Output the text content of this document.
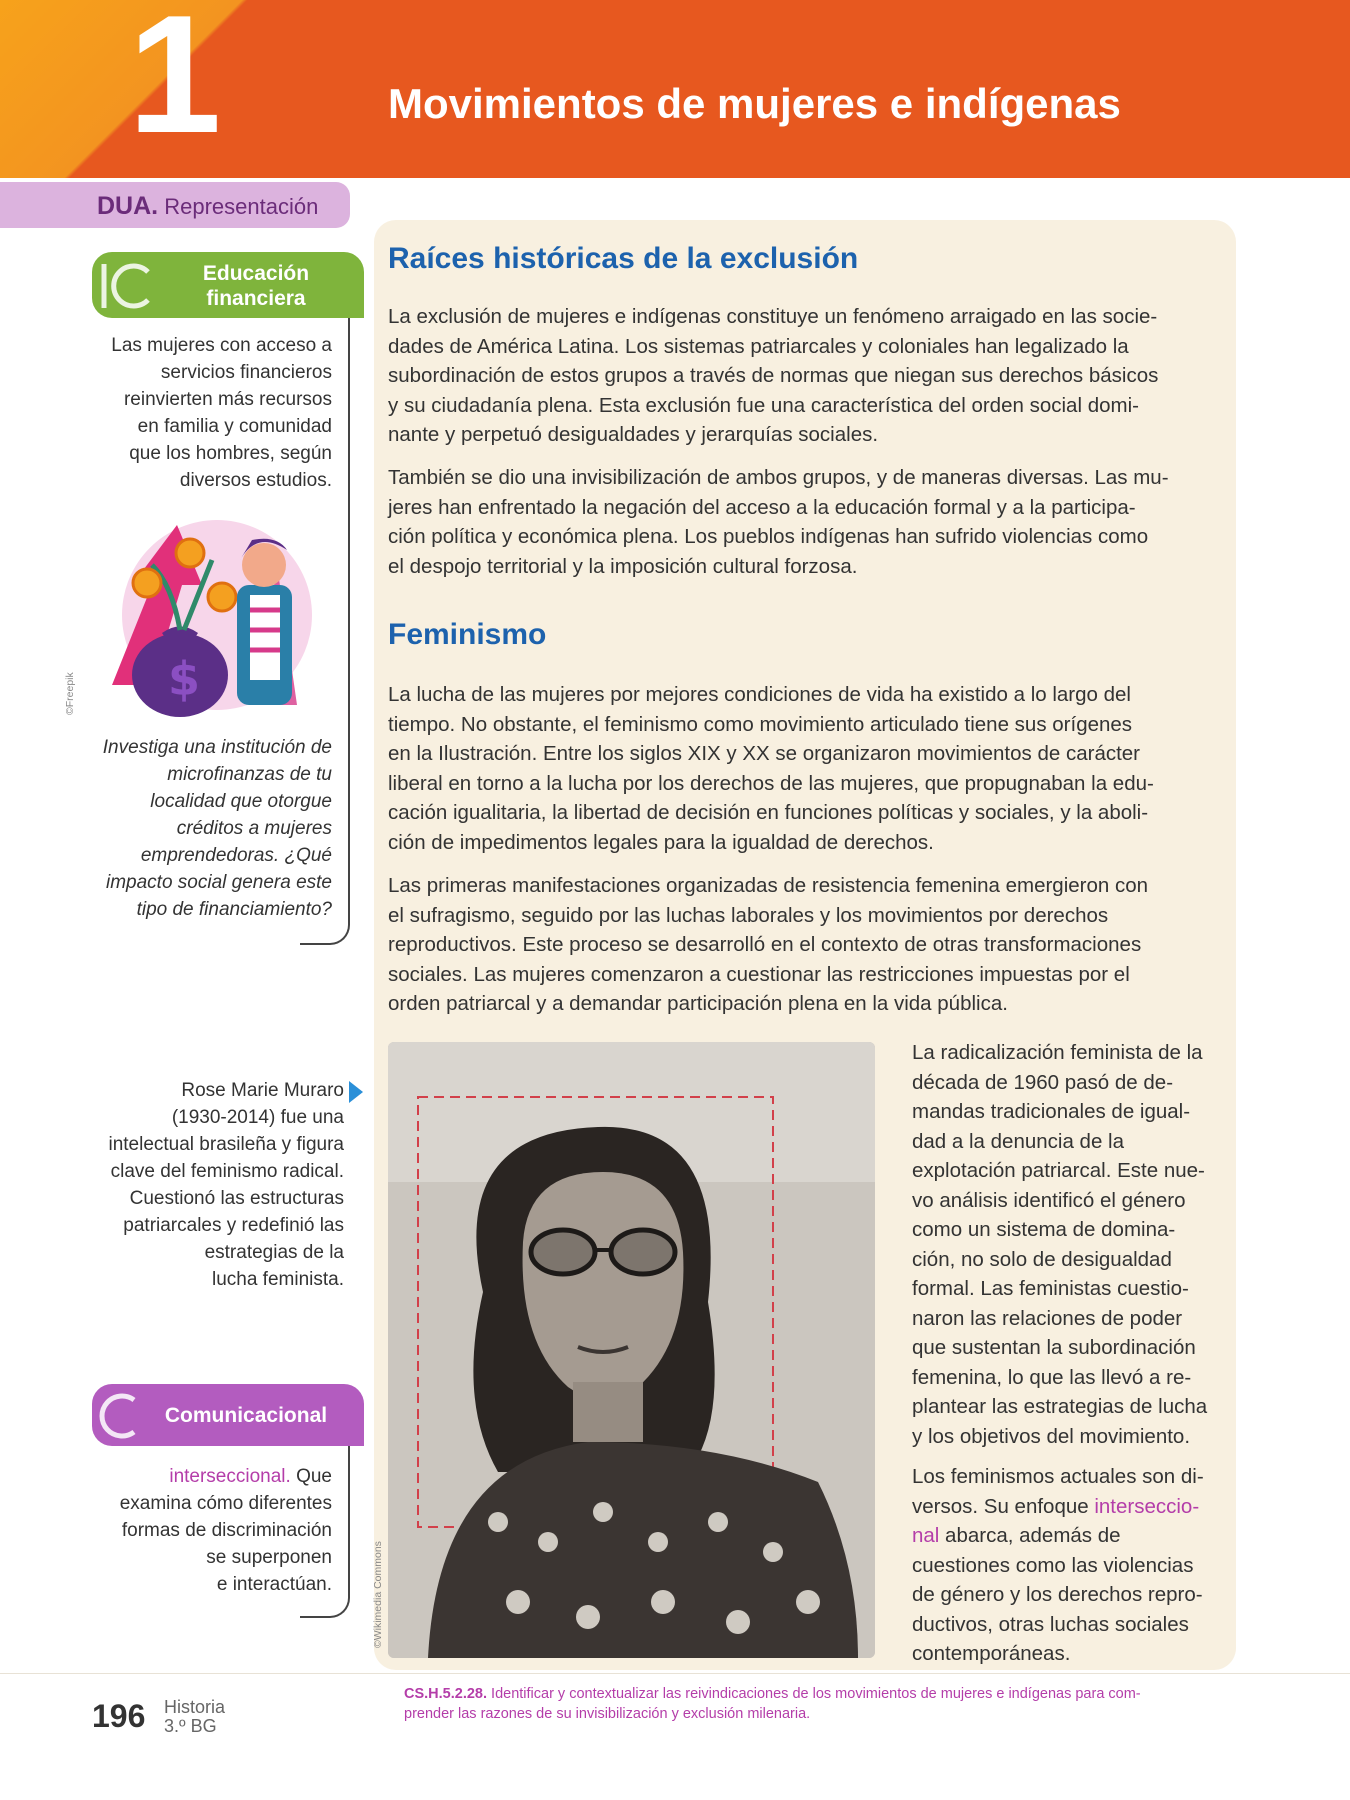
1	Movimientos de mujeres e indígenas
DUA. Representación
Educación
financiera
Las mujeres con acceso a
servicios financieros
reinvierten más recursos
en familia y comunidad
que los hombres, según
diversos estudios.
$
©Freepik
Investiga una institución de
microfinanzas de tu
localidad que otorgue
créditos a mujeres
emprendedoras. ¿Qué
impacto social genera este
tipo de financiamiento?
Rose Marie Muraro
(1930-2014) fue una
intelectual brasileña y figura
clave del feminismo radical.
Cuestionó las estructuras
patriarcales y redefinió las
estrategias de la
lucha feminista.
Comunicacional
interseccional. Que
examina cómo diferentes
formas de discriminación
se superponen
e interactúan.
Raíces históricas de la exclusión
La exclusión de mujeres e indígenas constituye un fenómeno arraigado en las socie-
dades de América Latina. Los sistemas patriarcales y coloniales han legalizado la
subordinación de estos grupos a través de normas que niegan sus derechos básicos
y su ciudadanía plena. Esta exclusión fue una característica del orden social domi-
nante y perpetuó desigualdades y jerarquías sociales.
También se dio una invisibilización de ambos grupos, y de maneras diversas. Las mu-
jeres han enfrentado la negación del acceso a la educación formal y a la participa-
ción política y económica plena. Los pueblos indígenas han sufrido violencias como
el despojo territorial y la imposición cultural forzosa.
Feminismo
La lucha de las mujeres por mejores condiciones de vida ha existido a lo largo del
tiempo. No obstante, el feminismo como movimiento articulado tiene sus orígenes
en la Ilustración. Entre los siglos XIX y XX se organizaron movimientos de carácter
liberal en torno a la lucha por los derechos de las mujeres, que propugnaban la edu-
cación igualitaria, la libertad de decisión en funciones políticas y sociales, y la aboli-
ción de impedimentos legales para la igualdad de derechos.
Las primeras manifestaciones organizadas de resistencia femenina emergieron con
el sufragismo, seguido por las luchas laborales y los movimientos por derechos
reproductivos. Este proceso se desarrolló en el contexto de otras transformaciones
sociales. Las mujeres comenzaron a cuestionar las restricciones impuestas por el
orden patriarcal y a demandar participación plena en la vida pública.
©Wikimedia Commons
La radicalización feminista de la
década de 1960 pasó de de-
mandas tradicionales de igual-
dad a la denuncia de la
explotación patriarcal. Este nue-
vo análisis identificó el género
como un sistema de domina-
ción, no solo de desigualdad
formal. Las feministas cuestio-
naron las relaciones de poder
que sustentan la subordinación
femenina, lo que las llevó a re-
plantear las estrategias de lucha
y los objetivos del movimiento.
Los feminismos actuales son di-
versos. Su enfoque interseccio-
nal abarca, además de
cuestiones como las violencias
de género y los derechos repro-
ductivos, otras luchas sociales
contemporáneas.
196 Historia
3.º BG
CS.H.5.2.28. Identificar y contextualizar las reivindicaciones de los movimientos de mujeres e indígenas para com-
prender las razones de su invisibilización y exclusión milenaria.
